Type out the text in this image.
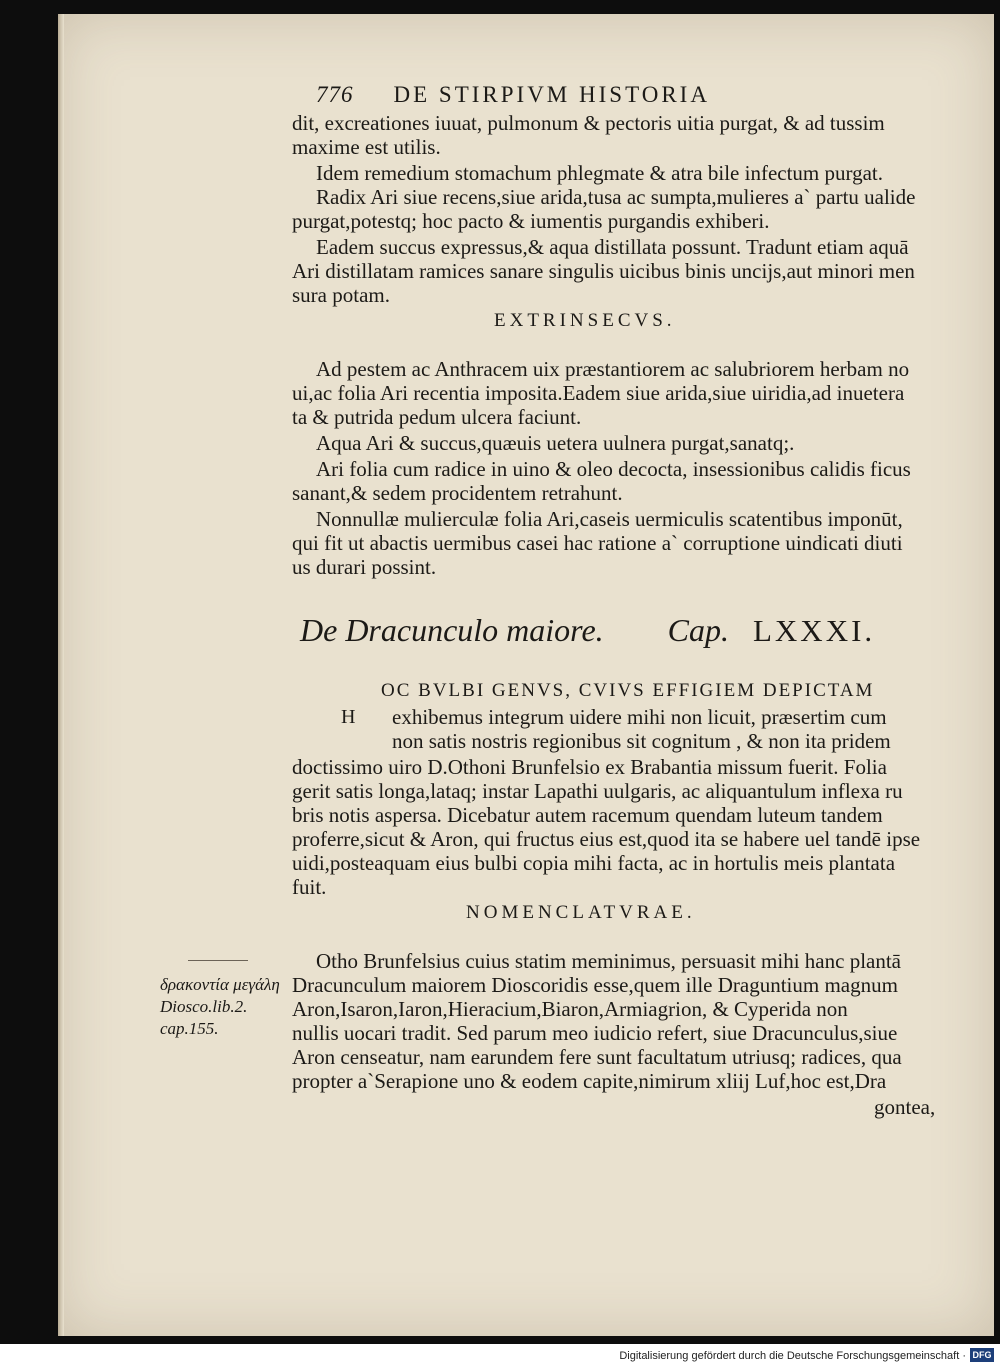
776 DE STIRPIVM HISTORIA
dit, excreationes iuuat, pulmonum & pectoris uitia purgat, & ad tussim
maxime est utilis.
Idem remedium stomachum phlegmate & atra bile infectum purgat.
Radix Ari siue recens,siue arida,tusa ac sumpta,mulieres a` partu ualide
purgat,potestq; hoc pacto & iumentis purgandis exhiberi.
Eadem succus expressus,& aqua distillata possunt. Tradunt etiam aquā
Ari distillatam ramices sanare singulis uicibus binis uncijs,aut minori men
sura potam.
EXTRINSECVS.
Ad pestem ac Anthracem uix præstantiorem ac salubriorem herbam no
ui,ac folia Ari recentia imposita.Eadem siue arida,siue uiridia,ad inuetera
ta & putrida pedum ulcera faciunt.
Aqua Ari & succus,quæuis uetera uulnera purgat,sanatq;.
Ari folia cum radice in uino & oleo decocta, insessionibus calidis ficus
sanant,& sedem procidentem retrahunt.
Nonnullæ mulierculæ folia Ari,caseis uermiculis scatentibus imponūt,
qui fit ut abactis uermibus casei hac ratione a` corruptione uindicati diuti
us durari possint.
De Dracunculo maiore. Cap. LXXXI.
OC BVLBI GENVS, CVIVS EFFIGIEM DEPICTAM
H exhibemus integrum uidere mihi non licuit, præsertim cum
non satis nostris regionibus sit cognitum , & non ita pridem
doctissimo uiro D.Othoni Brunfelsio ex Brabantia missum fuerit. Folia
gerit satis longa,lataq; instar Lapathi uulgaris, ac aliquantulum inflexa ru
bris notis aspersa. Dicebatur autem racemum quendam luteum tandem
proferre,sicut & Aron, qui fructus eius est,quod ita se habere uel tandē ipse
uidi,posteaquam eius bulbi copia mihi facta, ac in hortulis meis plantata
fuit.
NOMENCLATVRAE.
δρακοντία μεγάλη
Diosco.lib.2.
cap.155.
Otho Brunfelsius cuius statim meminimus, persuasit mihi hanc plantā
Dracunculum maiorem Dioscoridis esse,quem ille Draguntium magnum
Aron,Isaron,Iaron,Hieracium,Biaron,Armiagrion, & Cyperida non
nullis uocari tradit. Sed parum meo iudicio refert, siue Dracunculus,siue
Aron censeatur, nam earundem fere sunt facultatum utriusq; radices, qua
propter a`Serapione uno & eodem capite,nimirum xliij Luf,hoc est,Dra
gontea,
Digitalisierung gefördert durch die Deutsche Forschungsgemeinschaft · DFG
